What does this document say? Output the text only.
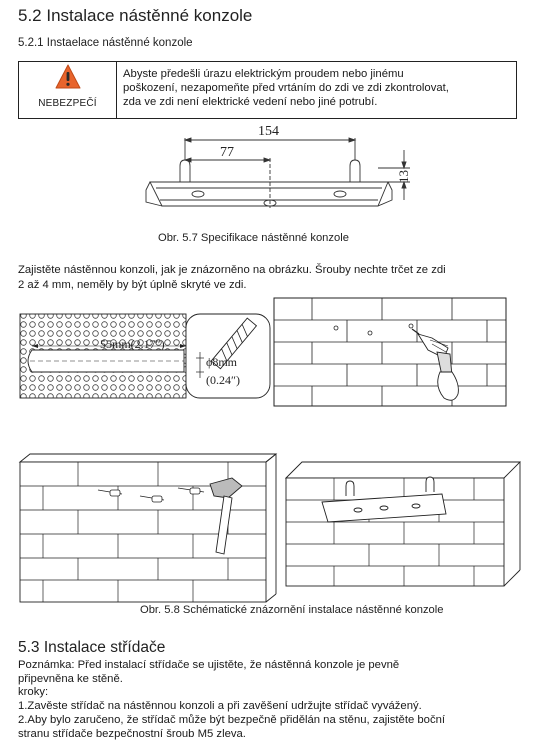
5.2 Instalace nástěnné konzole
5.2.1 Instaelace nástěnné konzole
NEBEZPEČÍ
Abyste předešli úrazu elektrickým proudem nebo jinému
poškození, nezapomeňte před vrtáním do zdi ve zdi zkontrolovat,
zda ve zdi není elektrické vedení nebo jiné potrubí.
154
77
13
Obr. 5.7 Specifikace nástěnné konzole
Zajistěte nástěnnou konzoli, jak je znázorněno na obrázku. Šrouby nechte trčet ze zdi
2 až 4 mm, neměly by být úplně skryté ve zdi.
55mm(2.17″)
ϕ8mm
(0.24″)
Obr. 5.8 Schématické znázornění instalace nástěnné konzole
5.3 Instalace střídače
Poznámka: Před instalací střídače se ujistěte, že nástěnná konzole je pevně
připevněna ke stěně.
kroky:
1.Zavěste střídač na nástěnnou konzoli a při zavěšení udržujte střídač vyvážený.
2.Aby bylo zaručeno, že střídač může být bezpečně přidělán na stěnu, zajistěte boční
stranu střídače bezpečnostní šroub M5 zleva.
